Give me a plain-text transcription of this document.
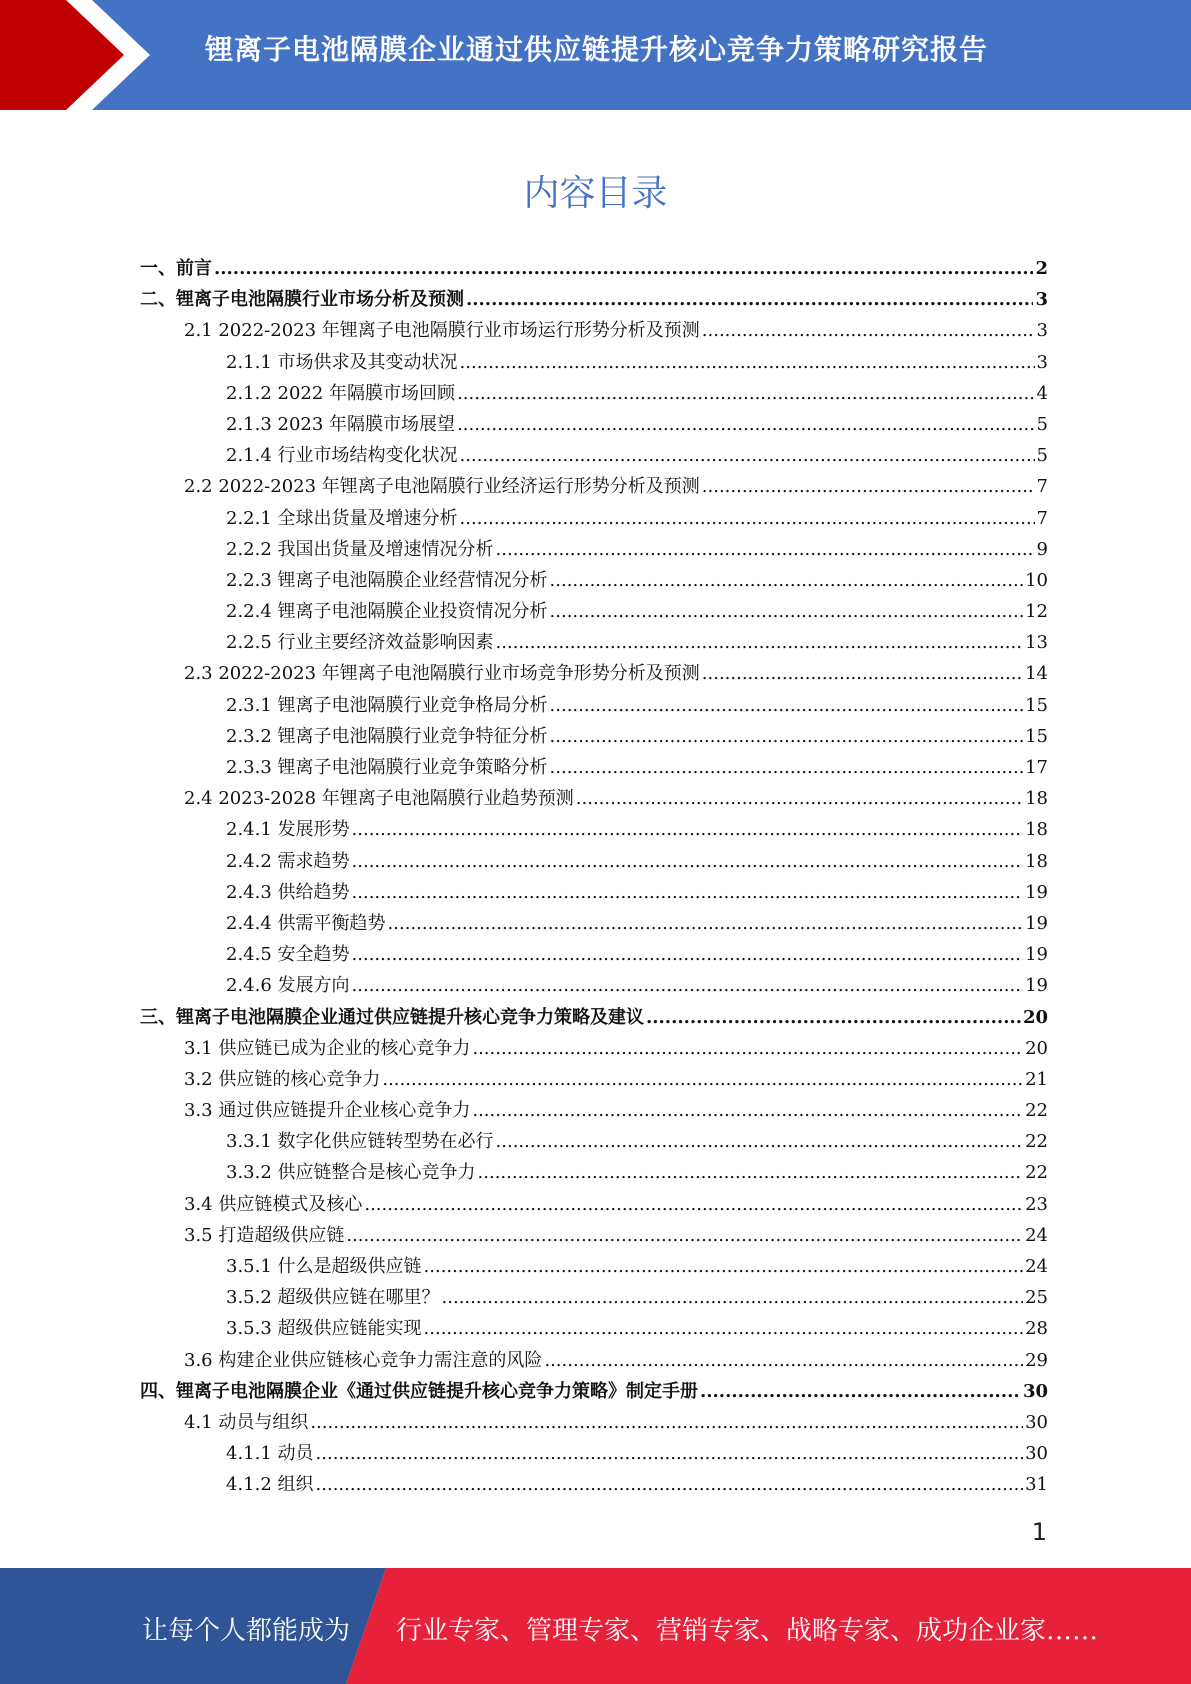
锂离子电池隔膜企业通过供应链提升核心竞争力策略研究报告
内容目录
一、前言 .....	2
二、锂离子电池隔膜行业市场分析及预测 .....	3
2.1 2022-2023 年锂离子电池隔膜行业市场运行形势分析及预测 .....	3
2.1.1 市场供求及其变动状况 .....	3
2.1.2 2022 年隔膜市场回顾 .....	4
2.1.3 2023 年隔膜市场展望 .....	5
2.1.4 行业市场结构变化状况 .....	5
2.2 2022-2023 年锂离子电池隔膜行业经济运行形势分析及预测 .....	7
2.2.1 全球出货量及增速分析 .....	7
2.2.2 我国出货量及增速情况分析 .....	9
2.2.3 锂离子电池隔膜企业经营情况分析 .....	10
2.2.4 锂离子电池隔膜企业投资情况分析 .....	12
2.2.5 行业主要经济效益影响因素 .....	13
2.3 2022-2023 年锂离子电池隔膜行业市场竞争形势分析及预测 .....	14
2.3.1 锂离子电池隔膜行业竞争格局分析 .....	15
2.3.2 锂离子电池隔膜行业竞争特征分析 .....	15
2.3.3 锂离子电池隔膜行业竞争策略分析 .....	17
2.4 2023-2028 年锂离子电池隔膜行业趋势预测 .....	18
2.4.1 发展形势 .....	18
2.4.2 需求趋势 .....	18
2.4.3 供给趋势 .....	19
2.4.4 供需平衡趋势 .....	19
2.4.5 安全趋势 .....	19
2.4.6 发展方向 .....	19
三、锂离子电池隔膜企业通过供应链提升核心竞争力策略及建议 .....	20
3.1 供应链已成为企业的核心竞争力 .....	20
3.2 供应链的核心竞争力 .....	21
3.3 通过供应链提升企业核心竞争力 .....	22
3.3.1 数字化供应链转型势在必行 .....	22
3.3.2 供应链整合是核心竞争力 .....	22
3.4 供应链模式及核心 .....	23
3.5 打造超级供应链 .....	24
3.5.1 什么是超级供应链 .....	24
3.5.2 超级供应链在哪里？ .....	25
3.5.3 超级供应链能实现 .....	28
3.6 构建企业供应链核心竞争力需注意的风险 .....	29
四、锂离子电池隔膜企业《通过供应链提升核心竞争力策略》制定手册 .....	30
4.1 动员与组织 .....	30
4.1.1 动员 .....	30
4.1.2 组织 .....	31
1
让每个人都能成为 行业专家、管理专家、营销专家、战略专家、成功企业家……
